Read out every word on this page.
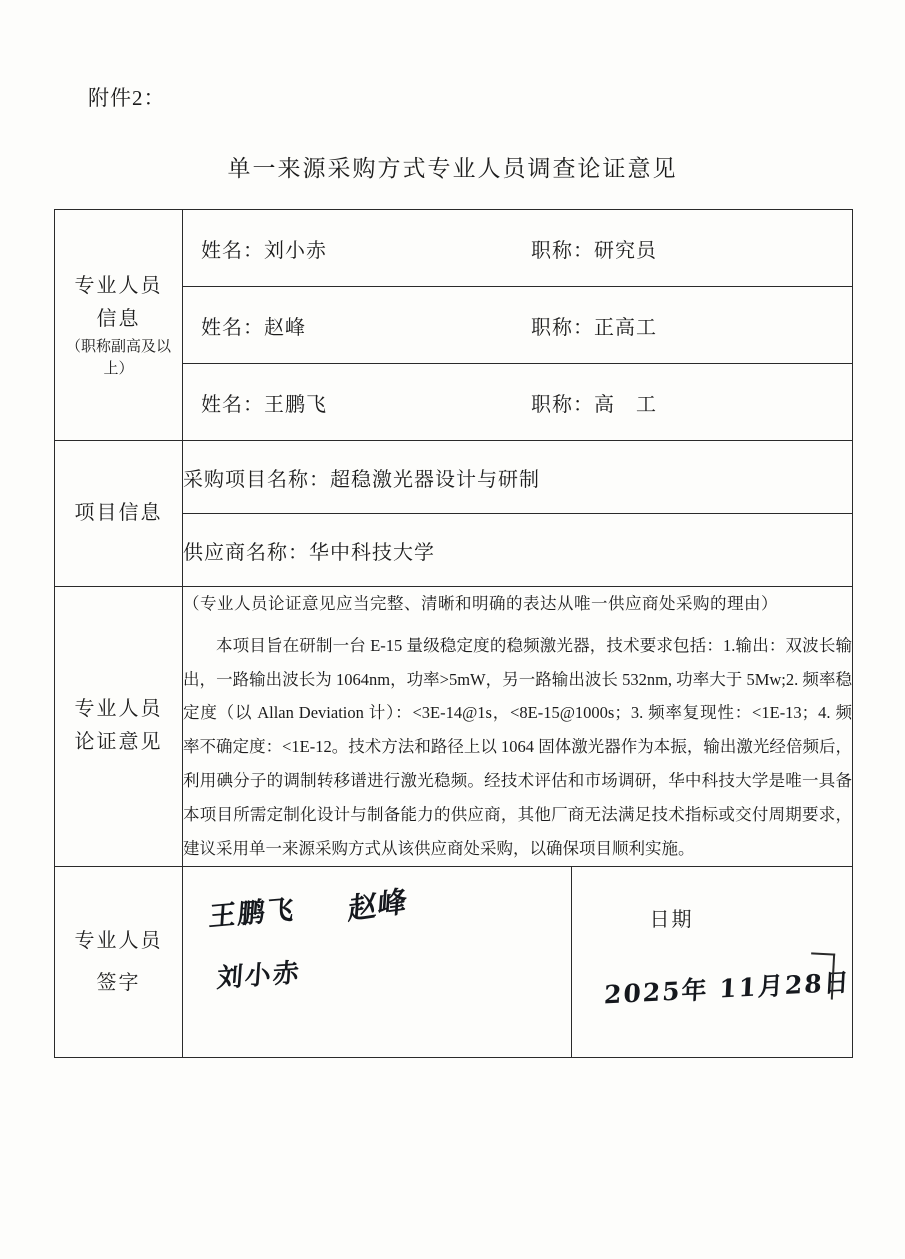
附件2：
单一来源采购方式专业人员调查论证意见
专业人员
信息
（职称副高及以上）

姓名：刘小赤	职称：研究员

姓名：赵峰	职称：正高工

姓名：王鹏飞	职称：高　工

项目信息	采购项目名称：超稳激光器设计与研制
供应商名称：华中科技大学
专业人员
论证意见	
（专业人员论证意见应当完整、清晰和明确的表达从唯一供应商处采购的理由）
本项目旨在研制一台 E-15 量级稳定度的稳频激光器，技术要求包括：1.输出：双波长输出，一路输出波长为 1064nm，功率>5mW，另一路输出波长 532nm, 功率大于 5Mw;2. 频率稳定度（以 Allan Deviation 计）：<3E-14@1s，<8E-15@1000s；3. 频率复现性：<1E-13；4. 频率不确定度：<1E-12。技术方法和路径上以 1064 固体激光器作为本振，输出激光经倍频后，利用碘分子的调制转移谱进行激光稳频。经技术评估和市场调研，华中科技大学是唯一具备本项目所需定制化设计与制备能力的供应商，其他厂商无法满足技术指标或交付周期要求，建议采用单一来源采购方式从该供应商处采购，以确保项目顺利实施。

专业人员
签字	
王鹏飞 赵峰
刘小赤

日期
2025年 11月28日
